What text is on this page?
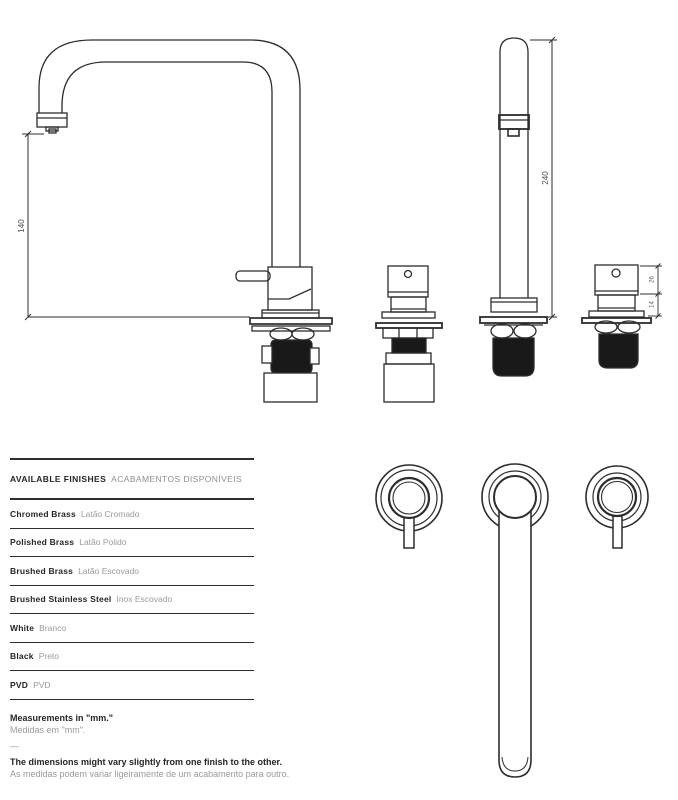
140
240
26
14
AVAILABLE FINISHES ACABAMENTOS DISPONÍVEIS
Chromed Brass Latão Cromado
Polished Brass Latão Polido
Brushed Brass Latão Escovado
Brushed Stainless Steel Inox Escovado
White Branco
Black Preto
PVD PVD

Measurements in "mm."

Medidas em "mm".

—

The dimensions might vary slightly from one finish to the other.

As medidas podem variar ligeiramente de um acabamento para outro.
